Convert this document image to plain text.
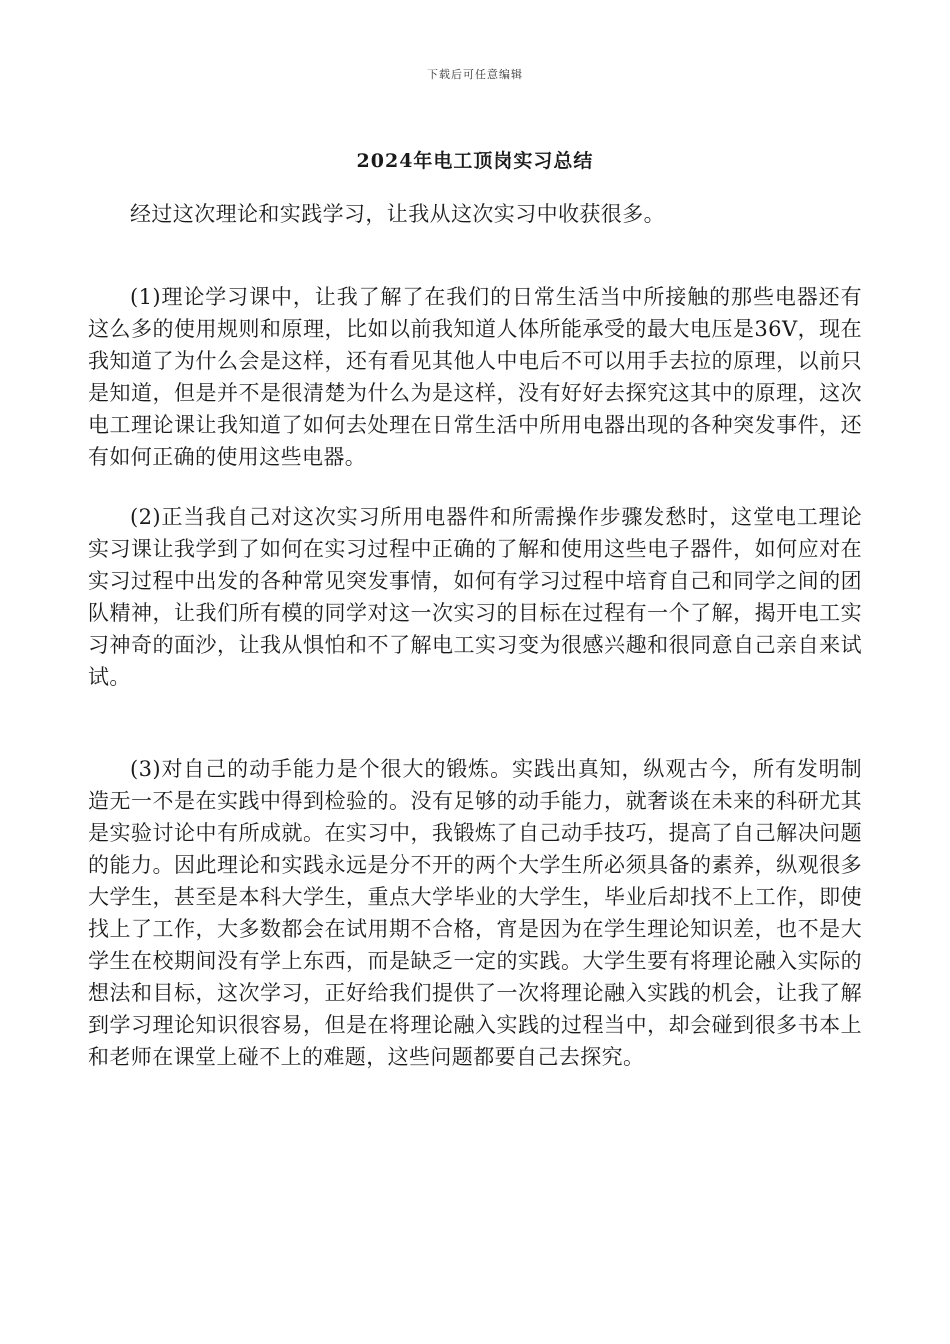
下载后可任意编辑
2024年电工顶岗实习总结

经过这次理论和实践学习，让我从这次实习中收获很多。

(1)理论学习课中，让我了解了在我们的日常生活当中所接触的那些电器还有这么多的使用规则和原理，比如以前我知道人体所能承受的最大电压是36V，现在我知道了为什么会是这样，还有看见其他人中电后不可以用手去拉的原理，以前只是知道，但是并不是很清楚为什么为是这样，没有好好去探究这其中的原理，这次电工理论课让我知道了如何去处理在日常生活中所用电器出现的各种突发事件，还有如何正确的使用这些电器。

(2)正当我自己对这次实习所用电器件和所需操作步骤发愁时，这堂电工理论实习课让我学到了如何在实习过程中正确的了解和使用这些电子器件，如何应对在实习过程中出发的各种常见突发事情，如何有学习过程中培育自己和同学之间的团队精神，让我们所有模的同学对这一次实习的目标在过程有一个了解，揭开电工实习神奇的面沙，让我从惧怕和不了解电工实习变为很感兴趣和很同意自己亲自来试试。

(3)对自己的动手能力是个很大的锻炼。实践出真知，纵观古今，所有发明制造无一不是在实践中得到检验的。没有足够的动手能力，就奢谈在未来的科研尤其是实验讨论中有所成就。在实习中，我锻炼了自己动手技巧，提高了自己解决问题的能力。因此理论和实践永远是分不开的两个大学生所必须具备的素养，纵观很多大学生，甚至是本科大学生，重点大学毕业的大学生，毕业后却找不上工作，即使找上了工作，大多数都会在试用期不合格，宵是因为在学生理论知识差，也不是大学生在校期间没有学上东西，而是缺乏一定的实践。大学生要有将理论融入实际的想法和目标，这次学习，正好给我们提供了一次将理论融入实践的机会，让我了解到学习理论知识很容易，但是在将理论融入实践的过程当中，却会碰到很多书本上和老师在课堂上碰不上的难题，这些问题都要自己去探究。
